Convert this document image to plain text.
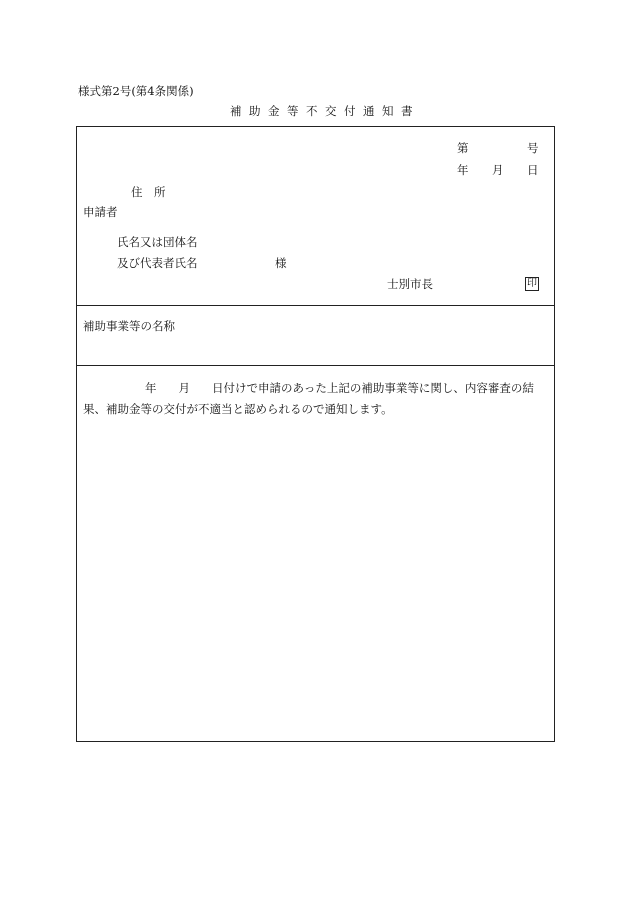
様式第2号(第4条関係)
補助金等不交付通知書
第	号
年 月 日
住　所
申請者
氏名又は団体名
及び代表者氏名	様
士別市長	印
補助事業等の名称
年 月 日付けで申請のあった上記の補助事業等に関し、内容審査の結
果、補助金等の交付が不適当と認められるので通知します。
